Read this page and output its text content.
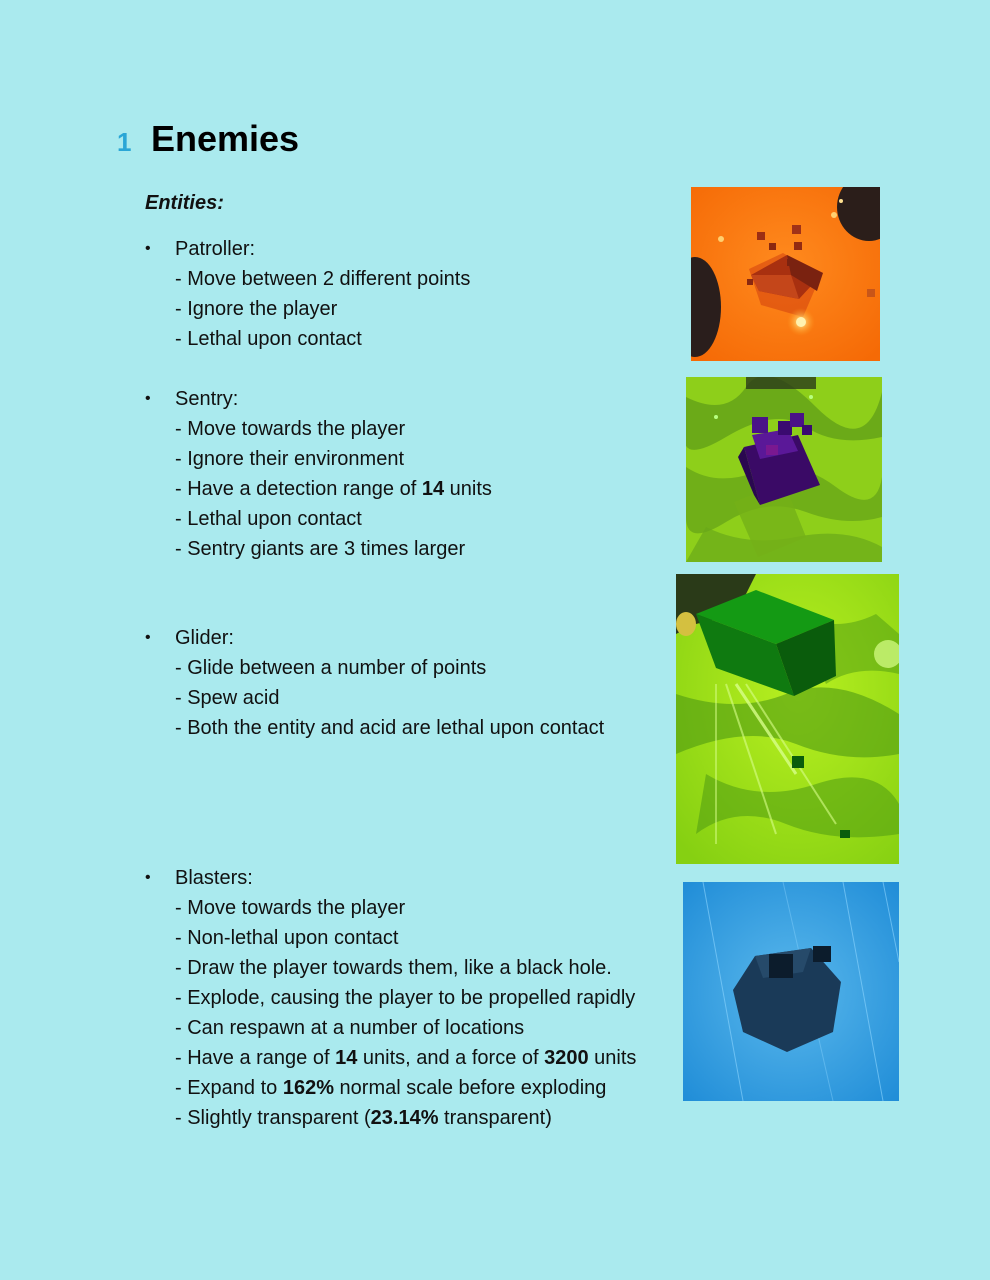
1 Enemies
Entities:
•	Patroller:
- Move between 2 different points
- Ignore the player
- Lethal upon contact
•	Sentry:
- Move towards the player
- Ignore their environment
- Have a detection range of 14 units
- Lethal upon contact
- Sentry giants are 3 times larger
•	Glider:
- Glide between a number of points
- Spew acid
- Both the entity and acid are lethal upon contact
•	Blasters:
- Move towards the player
- Non-lethal upon contact
- Draw the player towards them, like a black hole.
- Explode, causing the player to be propelled rapidly
- Can respawn at a number of locations
- Have a range of 14 units, and a force of 3200 units
- Expand to 162% normal scale before exploding
- Slightly transparent (23.14% transparent)
